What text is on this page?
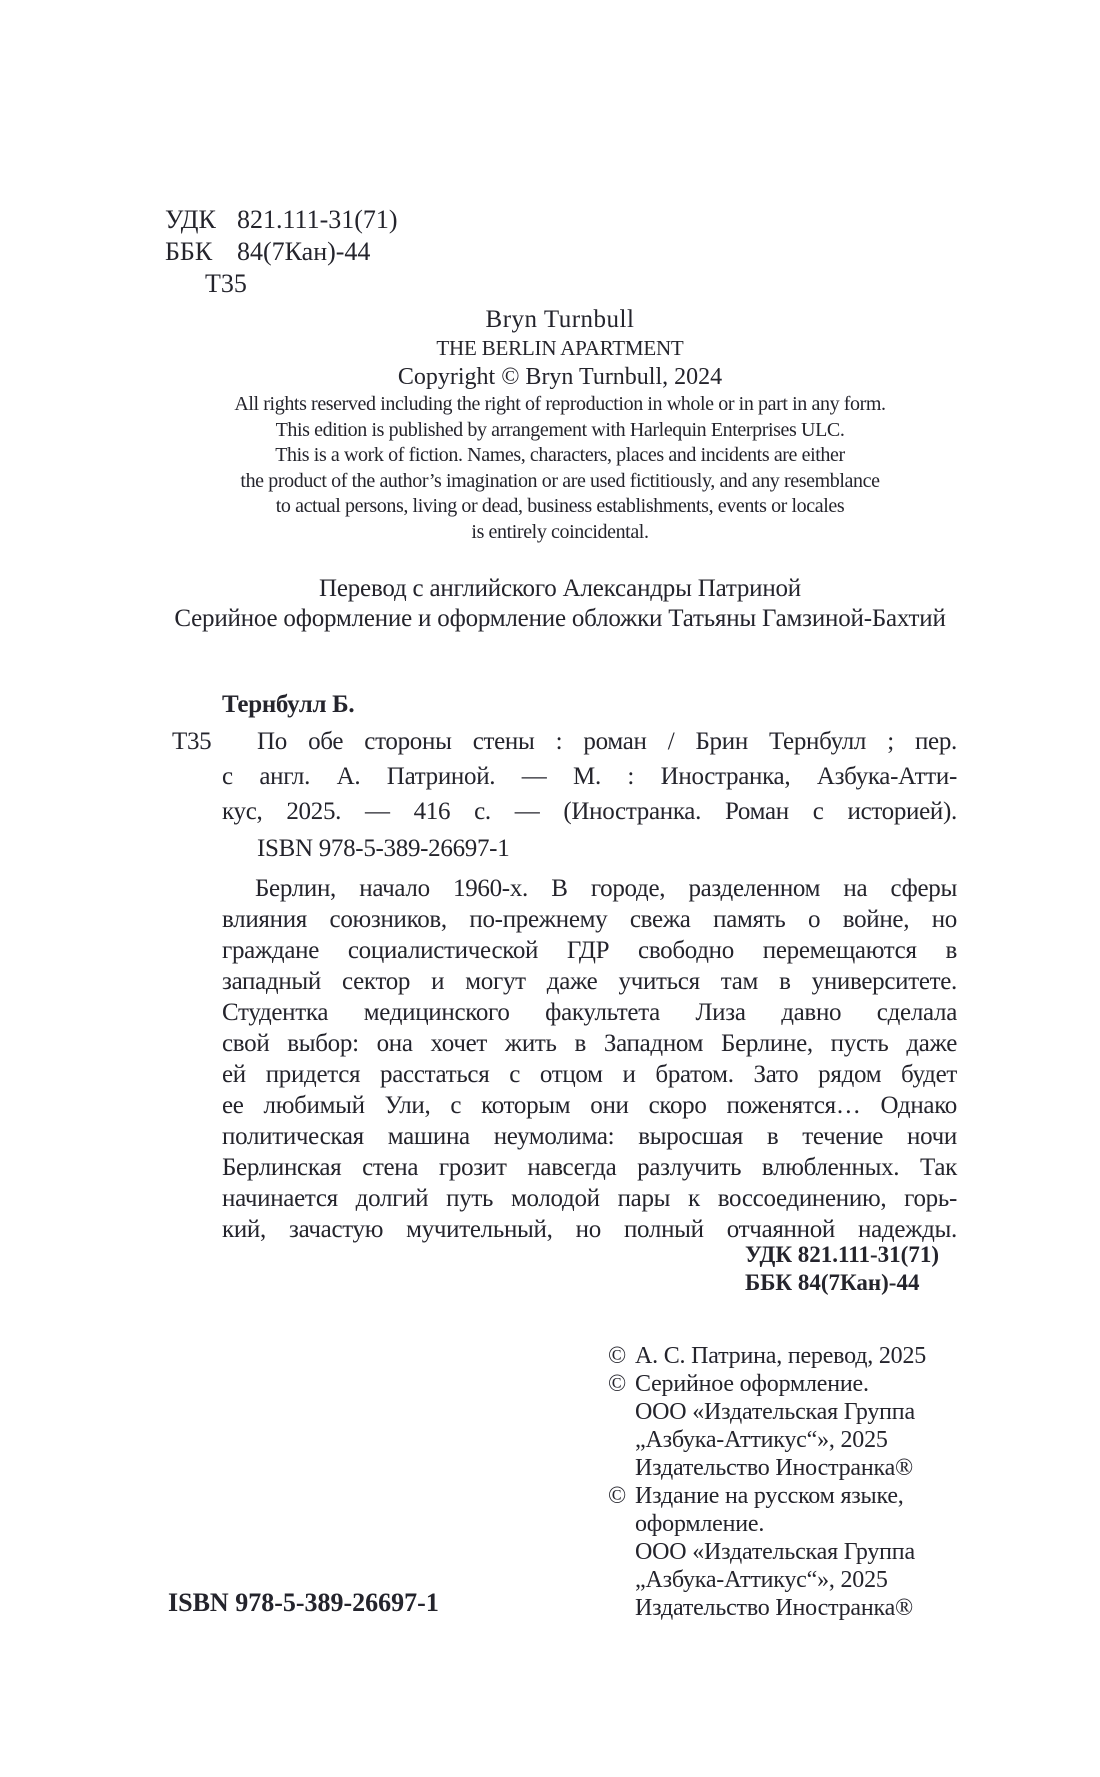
УДК 821.111-31(71)
ББК 84(7Кан)-44
Т35
Bryn Turnbull
THE BERLIN APARTMENT
Copyright © Bryn Turnbull, 2024
All rights reserved including the right of reproduction in whole or in part in any form.
This edition is published by arrangement with Harlequin Enterprises ULC.
This is a work of fiction. Names, characters, places and incidents are either
the product of the author’s imagination or are used fictitiously, and any resemblance
to actual persons, living or dead, business establishments, events or locales
is entirely coincidental.
Перевод с английского Александры Патриной
Серийное оформление и оформление обложки Татьяны Гамзиной-Бахтий
Тернбулл Б.
Т35	По обе стороны стены : роман / Брин Тернбулл ; пер.
с англ. А. Патриной. — М. : Иностранка, Азбука-Атти-
кус, 2025. — 416 с. — (Иностранка. Роман с историей).
ISBN 978-5-389-26697-1
Берлин, начало 1960-х. В городе, разделенном на сферы
влияния союзников, по-прежнему свежа память о войне, но
граждане социалистической ГДР свободно перемещаются в
западный сектор и могут даже учиться там в университете.
Студентка медицинского факультета Лиза давно сделала
свой выбор: она хочет жить в Западном Берлине, пусть даже
ей придется расстаться с отцом и братом. Зато рядом будет
ее любимый Ули, с которым они скоро поженятся… Однако
политическая машина неумолима: выросшая в течение ночи
Берлинская стена грозит навсегда разлучить влюбленных. Так
начинается долгий путь молодой пары к воссоединению, горь-
кий, зачастую мучительный, но полный отчаянной надежды.
УДК 821.111-31(71)
ББК 84(7Кан)-44
© А. С. Патрина, перевод, 2025
© Серийное оформление.
ООО «Издательская Группа
„Азбука-Аттикус“», 2025
Издательство Иностранка®
© Издание на русском языке,
оформление.
ООО «Издательская Группа
„Азбука-Аттикус“», 2025
Издательство Иностранка®
ISBN 978-5-389-26697-1
